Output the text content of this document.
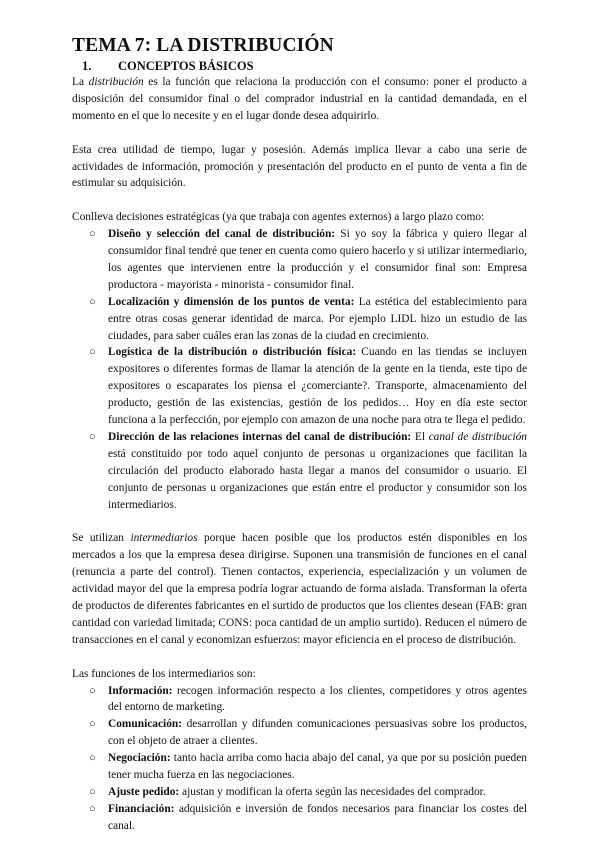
TEMA 7: LA DISTRIBUCIÓN
1. CONCEPTOS BÁSICOS

La distribución es la función que relaciona la producción con el consumo: poner el producto a disposición del consumidor final o del comprador industrial en la cantidad demandada, en el momento en el que lo necesite y en el lugar donde desea adquirirlo.

Esta crea utilidad de tiempo, lugar y posesión. Además implica llevar a cabo una serie de actividades de información, promoción y presentación del producto en el punto de venta a fin de estimular su adquisición.

Conlleva decisiones estratégicas (ya que trabaja con agentes externos) a largo plazo como:

○ Diseño y selección del canal de distribución: Si yo soy la fábrica y quiero llegar al consumidor final tendré que tener en cuenta como quiero hacerlo y si utilizar intermediario, los agentes que intervienen entre la producción y el consumidor final son: Empresa productora - mayorista - minorista - consumidor final.
○ Localización y dimensión de los puntos de venta: La estética del establecimiento para entre otras cosas generar identidad de marca. Por ejemplo LIDL hizo un estudio de las ciudades, para saber cuáles eran las zonas de la ciudad en crecimiento.
○ Logística de la distribución o distribución física: Cuando en las tiendas se incluyen expositores o diferentes formas de llamar la atención de la gente en la tienda, este tipo de expositores o escaparates los piensa el ¿comerciante?. Transporte, almacenamiento del producto, gestión de las existencias, gestión de los pedidos… Hoy en día este sector funciona a la perfección, por ejemplo con amazon de una noche para otra te llega el pedido.
○ Dirección de las relaciones internas del canal de distribución: El canal de distribución está constituido por todo aquel conjunto de personas u organizaciones que facilitan la circulación del producto elaborado hasta llegar a manos del consumidor o usuario. El conjunto de personas u organizaciones que están entre el productor y consumidor son los intermediarios.

Se utilizan intermediarios porque hacen posible que los productos estén disponibles en los mercados a los que la empresa desea dirigirse. Suponen una transmisión de funciones en el canal (renuncia a parte del control). Tienen contactos, experiencia, especialización y un volumen de actividad mayor del que la empresa podría lograr actuando de forma aislada. Transforman la oferta de productos de diferentes fabricantes en el surtido de productos que los clientes desean (FAB: gran cantidad con variedad limitada; CONS: poca cantidad de un amplio surtido). Reducen el número de transacciones en el canal y economizan esfuerzos: mayor eficiencia en el proceso de distribución.

Las funciones de los intermediarios son:

○ Información: recogen información respecto a los clientes, competidores y otros agentes del entorno de marketing.
○ Comunicación: desarrollan y difunden comunicaciones persuasivas sobre los productos, con el objeto de atraer a clientes.
○ Negociación: tanto hacia arriba como hacia abajo del canal, ya que por su posición pueden tener mucha fuerza en las negociaciones.
○ Ajuste pedido: ajustan y modifican la oferta según las necesidades del comprador.
○ Financiación: adquisición e inversión de fondos necesarios para financiar los costes del canal.
